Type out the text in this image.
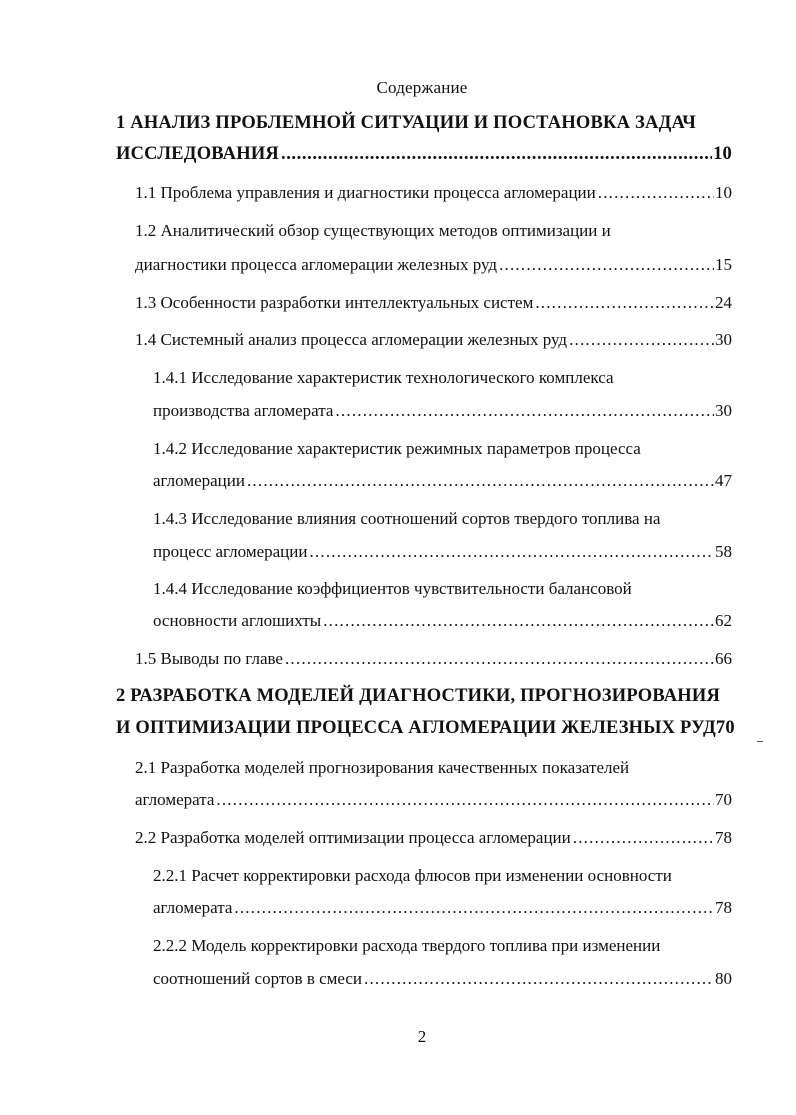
Содержание
1 АНАЛИЗ ПРОБЛЕМНОЙ СИТУАЦИИ И ПОСТАНОВКА ЗАДАЧ
ИССЛЕДОВАНИЯ .....	10
1.1 Проблема управления и диагностики процесса агломерации .....	10
1.2 Аналитический обзор существующих методов оптимизации и
диагностики процесса агломерации железных руд .....	15
1.3 Особенности разработки интеллектуальных систем .....	24
1.4 Системный анализ процесса агломерации железных руд .....	30
1.4.1 Исследование характеристик технологического комплекса
производства агломерата .....	30
1.4.2 Исследование характеристик режимных параметров процесса
агломерации .....	47
1.4.3 Исследование влияния соотношений сортов твердого топлива на
процесс агломерации .....	58
1.4.4 Исследование коэффициентов чувствительности балансовой
основности аглошихты .....	62
1.5 Выводы по главе .....	66
2 РАЗРАБОТКА МОДЕЛЕЙ ДИАГНОСТИКИ, ПРОГНОЗИРОВАНИЯ
И ОПТИМИЗАЦИИ ПРОЦЕССА АГЛОМЕРАЦИИ ЖЕЛЕЗНЫХ РУД 70
2.1 Разработка моделей прогнозирования качественных показателей
агломерата .....	70
2.2 Разработка моделей оптимизации процесса агломерации .....	78
2.2.1 Расчет корректировки расхода флюсов при изменении основности
агломерата .....	78
2.2.2 Модель корректировки расхода твердого топлива при изменении
соотношений сортов в смеси .....	80
2
